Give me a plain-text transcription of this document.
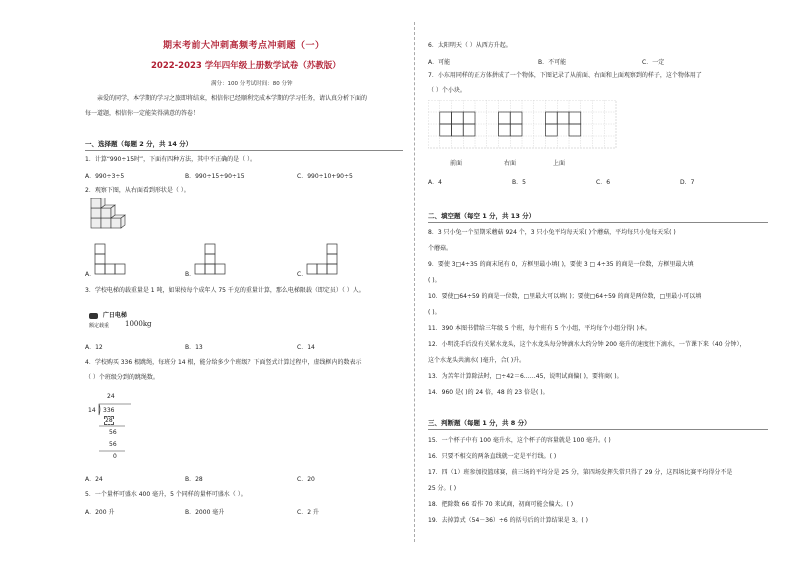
期末考前大冲刺高频考点冲刺题（一）
2022-2023 学年四年级上册数学试卷（苏教版）
满分：100 分考试时间：80 分钟
亲爱的同学，本学期的学习之旅即将结束，相信你已经顺利完成本学期的学习任务，请认真分析下面的
每一道题，相信你一定能笑得满意的答卷！
一、选择题（每题 2 分，共 14 分）
1．计算“990÷15时”，下面有四种方法，其中不正确的是（ ）。
A．990÷3÷5	B．990÷15÷90÷15	C．990÷10+90÷5
2．观察下图，从右面看到形状是（ ）。
A．	B．	C．
3．学校电梯的载重量是 1 吨，如果按每个成年人 75 千克的重量计算，那么电梯限载（即定员）（ ）人。
广日电梯
额定载重 1000kg
A．12	B．13	C．14
4．学校购买 336 根跳绳，每班分 14 根，能分给多少个班级？下面竖式计算过程中，虚线框内的数表示
（ ）个班级分到的跳绳数。
24
14 336
28
56
56
0
A．24	B．28	C．20
5．一个量杯可盛水 400 毫升，5 个同样的量杯可盛水（ ）。
A．200 升	B．2000 毫升	C．2 升
6．太阳明天（ ）从西方升起。
A．可能	B．不可能	C．一定
7．小东用同样的正方体拼成了一个物体，下图记录了从前面、右面和上面观察到的样子，这个物体用了
（ ）个小块。
前面	右面	上面
A．4	B．5	C．6	D．7
二、填空题（每空 1 分，共 13 分）
8．3 只小兔一个星期采蘑菇 924 个，3 只小兔平均每天采( )个蘑菇，平均每只小兔每天采( )
个蘑菇。
9．要使 3□4÷35 的商末尾有 0，方框里最小填( )，要使 3 □ 4÷35 的商是一位数，方框里最大填
( )。
10．要使□64÷59 的商是一位数，□里最大可以填( )；要使□64÷59 的商是两位数，□里最小可以填
( )。
11．390 本图书借给三年级 5 个班，每个班有 5 个小组，平均每个小组分得( )本。
12．小明洗手后没有关紧水龙头，这个水龙头每分钟滴水大约分钟 200 毫升的速度往下滴水，一节课下来（40 分钟），
这个水龙头共滴水( )毫升，合( )升。
13．为苦年计算除法时，□÷42＝6……45，说明试商偏( )，要将商( )。
14．960 是( )的 24 倍，48 的 23 倍是( )。
三、判断题（每题 1 分，共 8 分）
15．一个杯子中有 100 毫升水，这个杯子的容量就是 100 毫升。( )
16．只要不相交的两条直线就一定是平行线。( )
17．四（1）班参加投篮球赛，前三场的平均分是 25 分，第四场发挥失常只得了 29 分，这四场比赛平均得分不是
25 分。( )
18．把除数 66 看作 70 来试商，初商可能会偏大。( )
19．去掉算式（54－36）÷6 的括号后的计算结果是 3。( )
